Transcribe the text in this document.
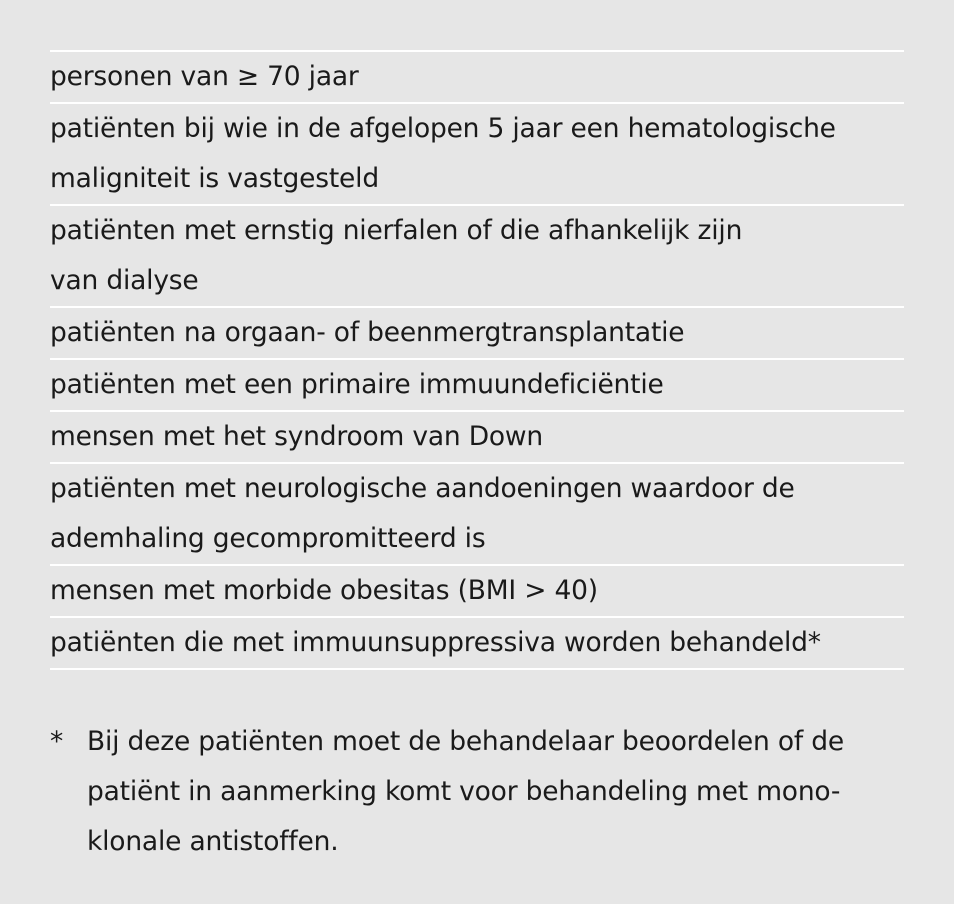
personen van ≥ 70 jaar
patiënten bij wie in de afgelopen 5 jaar een hematologische
maligniteit is vastgesteld
patiënten met ernstig nierfalen of die afhankelijk zijn
van dialyse
patiënten na orgaan- of beenmergtransplantatie
patiënten met een primaire immuundeficiëntie
mensen met het syndroom van Down
patiënten met neurologische aandoeningen waardoor de
ademhaling gecompromitteerd is
mensen met morbide obesitas (BMI > 40)
patiënten die met immuunsuppressiva worden behandeld*
* Bij deze patiënten moet de behandelaar beoordelen of de
patiënt in aanmerking komt voor behandeling met mono-
klonale antistoffen.
